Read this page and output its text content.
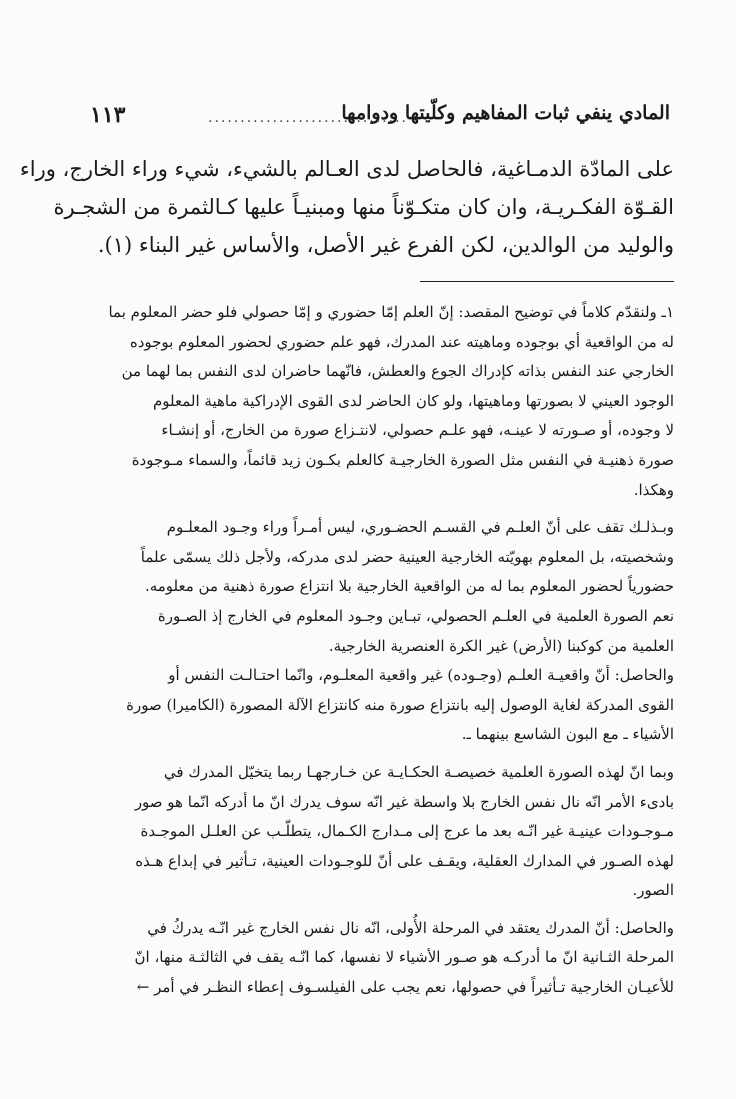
المادي ينفي ثبات المفاهيم وكلّيتها ودوامها
...............................
١١٣
على المادّة الدمـاغية، فالحاصل لدى العـالم بالشيء، شيء وراء الخارج، وراء
القـوّة الفكـريـة، وان كان متكـوّناً منها ومبنيـاً عليها كـالثمرة من الشجـرة
والوليد من الوالدين، لكن الفرع غير الأصل، والأساس غير البناء (١).
١ـ ولنقدّم كلاماً في توضيح المقصد: إنّ العلم إمّا حضوري و إمّا حصولي فلو حضر المعلوم بما
له من الواقعية أي بوجوده وماهيته عند المدرك، فهو علم حضوري لحضور المعلوم بوجوده
الخارجي عند النفس بذاته كإدراك الجوع والعطش، فانّهما حاضران لدى النفس بما لهما من
الوجود العيني لا بصورتها وماهيتها، ولو كان الحاضر لدى القوى الإدراكية ماهية المعلوم
لا وجوده، أو صـورته لا عينـه، فهو علـم حصولي، لانتـزاع صورة من الخارج، أو إنشـاء
صورة ذهنيـة في النفس مثل الصورة الخارجيـة كالعلم بكـون زيد قائماً، والسماء مـوجودة
وهكذا.
وبـذلـك تقف على أنّ العلـم في القسـم الحضـوري، ليس أمـراً وراء وجـود المعلـوم
وشخصيته، بل المعلوم بهويّته الخارجية العينية حضر لدى مدركه، ولأجل ذلك يسمّى علماً
حضورياً لحضور المعلوم بما له من الواقعية الخارجية بلا انتزاع صورة ذهنية من معلومه.
نعم الصورة العلمية في العلـم الحصولي، تبـاين وجـود المعلوم في الخارج إذ الصـورة
العلمية من كوكبنا (الأرض) غير الكرة العنصرية الخارجية.
والحاصل: أنّ واقعيـة العلـم (وجـوده) غير واقعية المعلـوم، وانّما احتـالـت النفس أو
القوى المدركة لغاية الوصول إليه بانتزاع صورة منه كانتزاع الآلة المصورة (الكاميرا) صورة
الأشياء ـ مع البون الشاسع بينهما ـ.
وبما انّ لهذه الصورة العلمية خصيصـة الحكـايـة عن خـارجهـا ربما يتخيّل المدرك في
بادىء الأمر انّه نال نفس الخارج بلا واسطة غير انّه سوف يدرك انّ ما أدركه انّما هو صور
مـوجـودات عينيـة غير انّـه بعد ما عرج إلى مـدارج الكـمال، يتطلّـب عن العلـل الموجـدة
لهذه الصـور في المدارك العقلية، ويقـف على أنّ للوجـودات العينية، تـأثير في إبداع هـذه
الصور.
والحاصل: أنّ المدرك يعتقد في المرحلة الأُولى، انّه نال نفس الخارج غير انّـه يدركُ في
المرحلة الثـانية انّ ما أدركـه هو صـور الأشياء لا نفسها، كما انّـه يقف في الثالثـة منها، انّ
للأعيـان الخارجية تـأثيراً في حصولها، نعم يجب على الفيلسـوف إعطاء النظـر في أمر ←
